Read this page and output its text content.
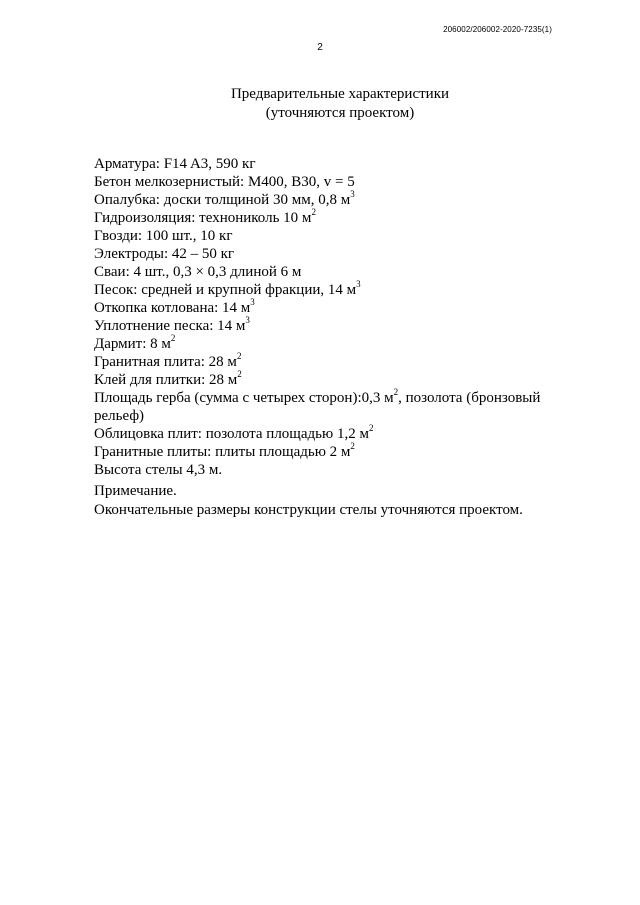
206002/206002-2020-7235(1)
2
Предварительные характеристики
(уточняются проектом)

Арматура: F14 A3, 590 кг

Бетон мелкозернистый: М400, В30, v = 5

Опалубка: доски толщиной 30 мм, 0,8 $м^3$

Гидроизоляция: технониколь 10 $м^2$

Гвозди: 100 шт., 10 кг

Электроды: 42 – 50 кг

Сваи: 4 шт., 0,3 × 0,3 длиной 6 м

Песок: средней и крупной фракции, 14 $м^3$

Откопка котлована: 14 $м^3$

Уплотнение песка: 14 $м^3$

Дармит: 8 $м^2$

Гранитная плита: 28 $м^2$

Клей для плитки: 28 $м^2$

Площадь герба (сумма с четырех сторон):0,3 $м^2$, позолота (бронзовый рельеф)

Облицовка плит: позолота площадью 1,2 $м^2$

Гранитные плиты: плиты площадью 2 $м^2$

Высота стелы 4,3 м.

Примечание.
Окончательные размеры конструкции стелы уточняются проектом.
